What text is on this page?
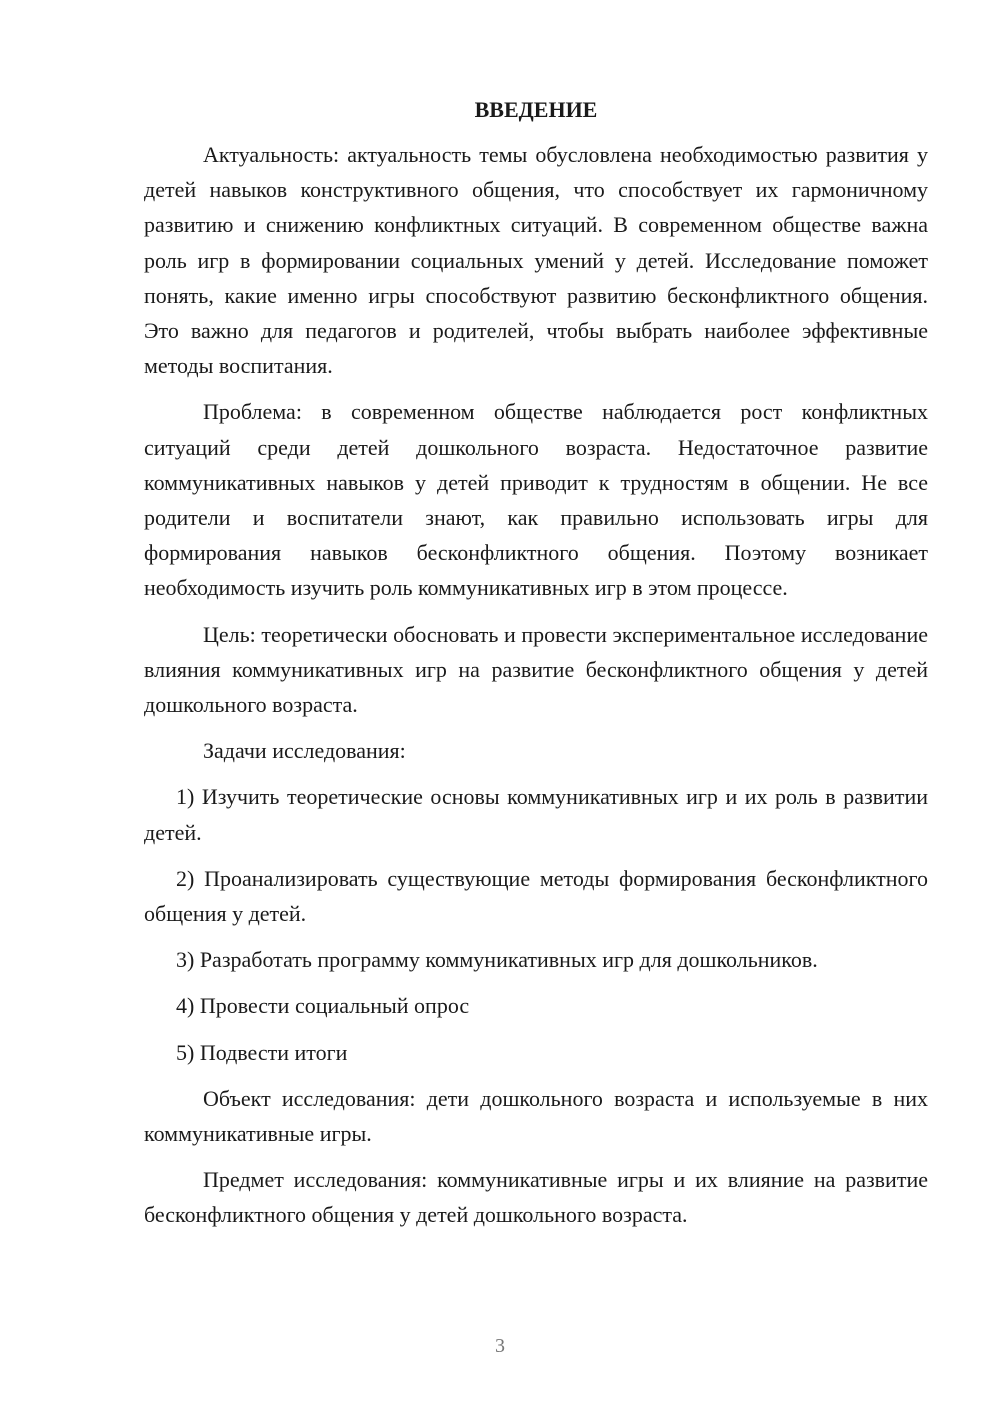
ВВЕДЕНИЕ

Актуальность: актуальность темы обусловлена необходимостью развития у детей навыков конструктивного общения, что способствует их гармоничному развитию и снижению конфликтных ситуаций. В современном обществе важна роль игр в формировании социальных умений у детей. Исследование поможет понять, какие именно игры способствуют развитию бесконфликтного общения. Это важно для педагогов и родителей, чтобы выбрать наиболее эффективные методы воспитания.

Проблема: в современном обществе наблюдается рост конфликтных ситуаций среди детей дошкольного возраста. Недостаточное развитие коммуникативных навыков у детей приводит к трудностям в общении. Не все родители и воспитатели знают, как правильно использовать игры для формирования навыков бесконфликтного общения. Поэтому возникает необходимость изучить роль коммуникативных игр в этом процессе.

Цель: теоретически обосновать и провести экспериментальное исследование влияния коммуникативных игр на развитие бесконфликтного общения у детей дошкольного возраста.

Задачи исследования:

1) Изучить теоретические основы коммуникативных игр и их роль в развитии детей.

2) Проанализировать существующие методы формирования бесконфликтного общения у детей.

3) Разработать программу коммуникативных игр для дошкольников.

4) Провести социальный опрос

5) Подвести итоги

Объект исследования: дети дошкольного возраста и используемые в них коммуникативные игры.

Предмет исследования: коммуникативные игры и их влияние на развитие бесконфликтного общения у детей дошкольного возраста.

3
